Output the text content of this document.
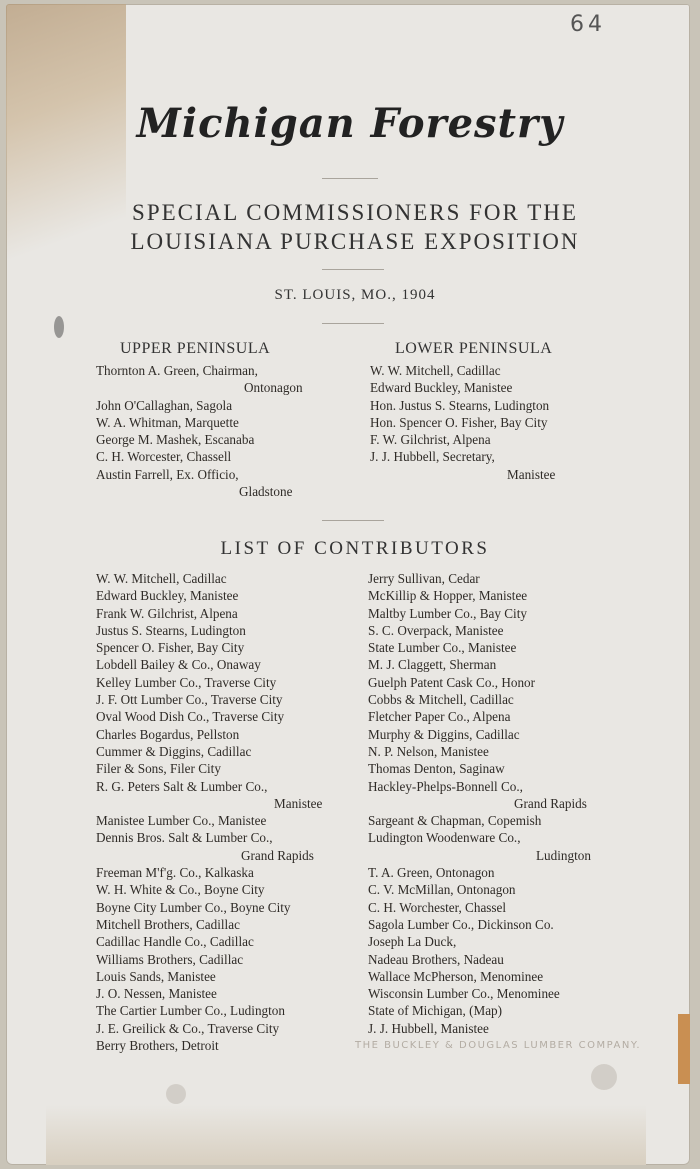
64
Michigan Forestry
SPECIAL COMMISSIONERS FOR THE
LOUISIANA PURCHASE EXPOSITION
ST. LOUIS, MO., 1904
UPPER PENINSULA	LOWER PENINSULA
Thornton A. Green, Chairman,
Ontonagon
John O'Callaghan, Sagola
W. A. Whitman, Marquette
George M. Mashek, Escanaba
C. H. Worcester, Chassell
Austin Farrell, Ex. Officio,
Gladstone
W. W. Mitchell, Cadillac
Edward Buckley, Manistee
Hon. Justus S. Stearns, Ludington
Hon. Spencer O. Fisher, Bay City
F. W. Gilchrist, Alpena
J. J. Hubbell, Secretary,
Manistee
LIST OF CONTRIBUTORS
W. W. Mitchell, Cadillac
Edward Buckley, Manistee
Frank W. Gilchrist, Alpena
Justus S. Stearns, Ludington
Spencer O. Fisher, Bay City
Lobdell Bailey & Co., Onaway
Kelley Lumber Co., Traverse City
J. F. Ott Lumber Co., Traverse City
Oval Wood Dish Co., Traverse City
Charles Bogardus, Pellston
Cummer & Diggins, Cadillac
Filer & Sons, Filer City
R. G. Peters Salt & Lumber Co.,
Manistee
Manistee Lumber Co., Manistee
Dennis Bros. Salt & Lumber Co.,
Grand Rapids
Freeman M'f'g. Co., Kalkaska
W. H. White & Co., Boyne City
Boyne City Lumber Co., Boyne City
Mitchell Brothers, Cadillac
Cadillac Handle Co., Cadillac
Williams Brothers, Cadillac
Louis Sands, Manistee
J. O. Nessen, Manistee
The Cartier Lumber Co., Ludington
J. E. Greilick & Co., Traverse City
Berry Brothers, Detroit
Jerry Sullivan, Cedar
McKillip & Hopper, Manistee
Maltby Lumber Co., Bay City
S. C. Overpack, Manistee
State Lumber Co., Manistee
M. J. Claggett, Sherman
Guelph Patent Cask Co., Honor
Cobbs & Mitchell, Cadillac
Fletcher Paper Co., Alpena
Murphy & Diggins, Cadillac
N. P. Nelson, Manistee
Thomas Denton, Saginaw
Hackley-Phelps-Bonnell Co.,
Grand Rapids
Sargeant & Chapman, Copemish
Ludington Woodenware Co.,
Ludington
T. A. Green, Ontonagon
C. V. McMillan, Ontonagon
C. H. Worchester, Chassel
Sagola Lumber Co., Dickinson Co.
Joseph La Duck,
Nadeau Brothers, Nadeau
Wallace McPherson, Menominee
Wisconsin Lumber Co., Menominee
State of Michigan, (Map)
J. J. Hubbell, Manistee
THE BUCKLEY & DOUGLAS LUMBER COMPANY.
